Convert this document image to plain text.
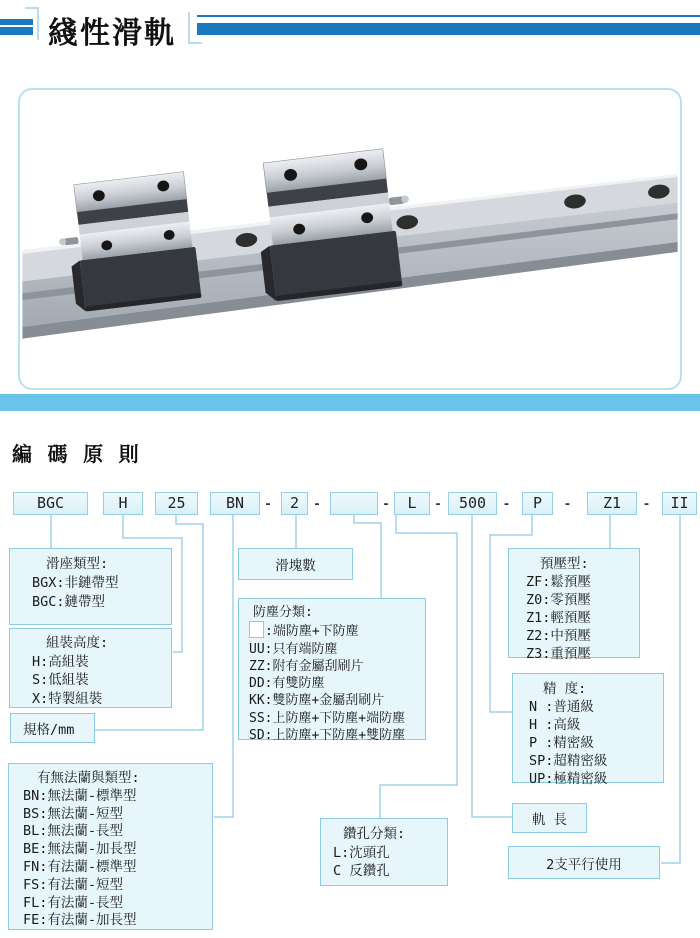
綫性滑軌
編 碼 原 則
BGC	H	25	BN	-	2	-	-	L	-	500	-	P	-	Z1	-	II
滑座類型:
BGX:非鏈帶型
BGC:鏈帶型
組裝高度:
H:高組裝
S:低組裝
X:特製組裝
規格/mm
有無法蘭與類型:
BN:無法蘭-標準型
BS:無法蘭-短型
BL:無法蘭-長型
BE:無法蘭-加長型
FN:有法蘭-標準型
FS:有法蘭-短型
FL:有法蘭-長型
FE:有法蘭-加長型
滑塊數
防塵分類:
:端防塵+下防塵
UU:只有端防塵
ZZ:附有金屬刮刷片
DD:有雙防塵
KK:雙防塵+金屬刮刷片
SS:上防塵+下防塵+端防塵
SD:上防塵+下防塵+雙防塵
預壓型:
ZF:鬆預壓
Z0:零預壓
Z1:輕預壓
Z2:中預壓
Z3:重預壓
精 度:
N :普通級
H :高級
P :精密級
SP:超精密級
UP:極精密級
軌 長
2支平行使用
鑽孔分類:
L:沈頭孔
C 反鑽孔
